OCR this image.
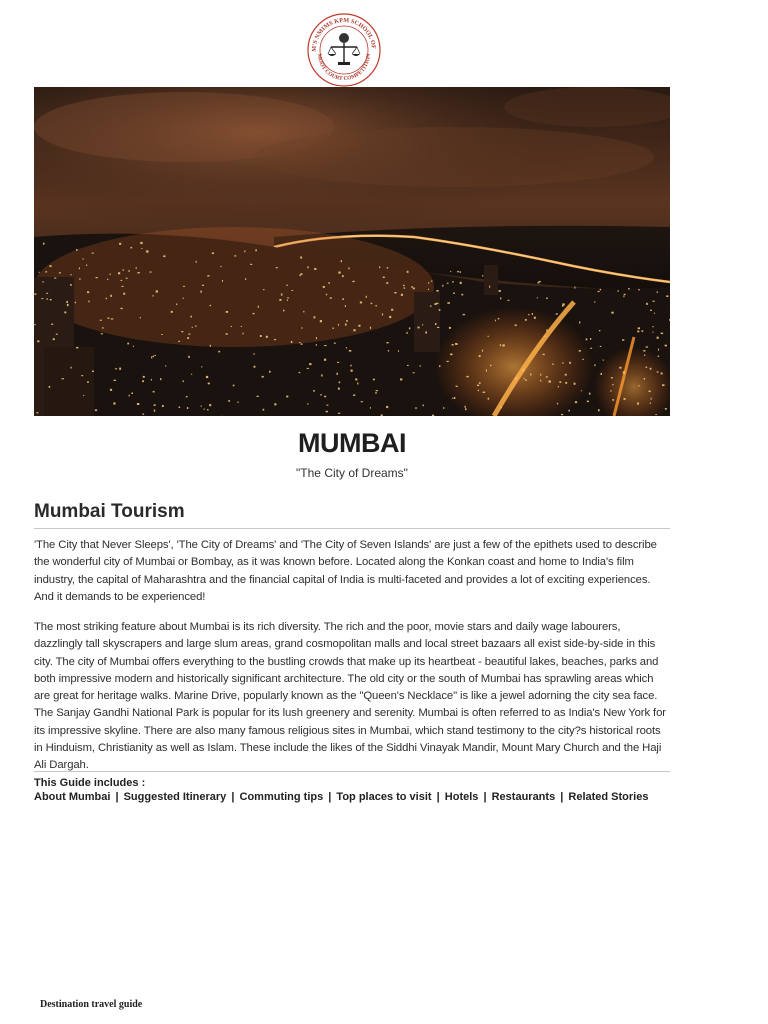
M'S NMIMS KPM SCHOOL OF
MOOT COURT COMPETITION
MUMBAI
"The City of Dreams"
Mumbai Tourism

'The City that Never Sleeps', 'The City of Dreams' and 'The City of Seven Islands' are just a few of the epithets used to describe the wonderful city of Mumbai or Bombay, as it was known before. Located along the Konkan coast and home to India's film industry, the capital of Maharashtra and the financial capital of India is multi-faceted and provides a lot of exciting experiences. And it demands to be experienced!

The most striking feature about Mumbai is its rich diversity. The rich and the poor, movie stars and daily wage labourers, dazzlingly tall skyscrapers and large slum areas, grand cosmopolitan malls and local street bazaars all exist side-by-side in this city. The city of Mumbai offers everything to the bustling crowds that make up its heartbeat - beautiful lakes, beaches, parks and both impressive modern and historically significant architecture. The old city or the south of Mumbai has sprawling areas which are great for heritage walks. Marine Drive, popularly known as the "Queen's Necklace" is like a jewel adorning the city sea face. The Sanjay Gandhi National Park is popular for its lush greenery and serenity. Mumbai is often referred to as India's New York for its impressive skyline. There are also many famous religious sites in Mumbai, which stand testimony to the city?s historical roots in Hinduism, Christianity as well as Islam. These include the likes of the Siddhi Vinayak Mandir, Mount Mary Church and the Haji Ali Dargah.

This Guide includes :
About Mumbai | Suggested Itinerary | Commuting tips | Top places to visit | Hotels | Restaurants | Related Stories
Destination travel guide
